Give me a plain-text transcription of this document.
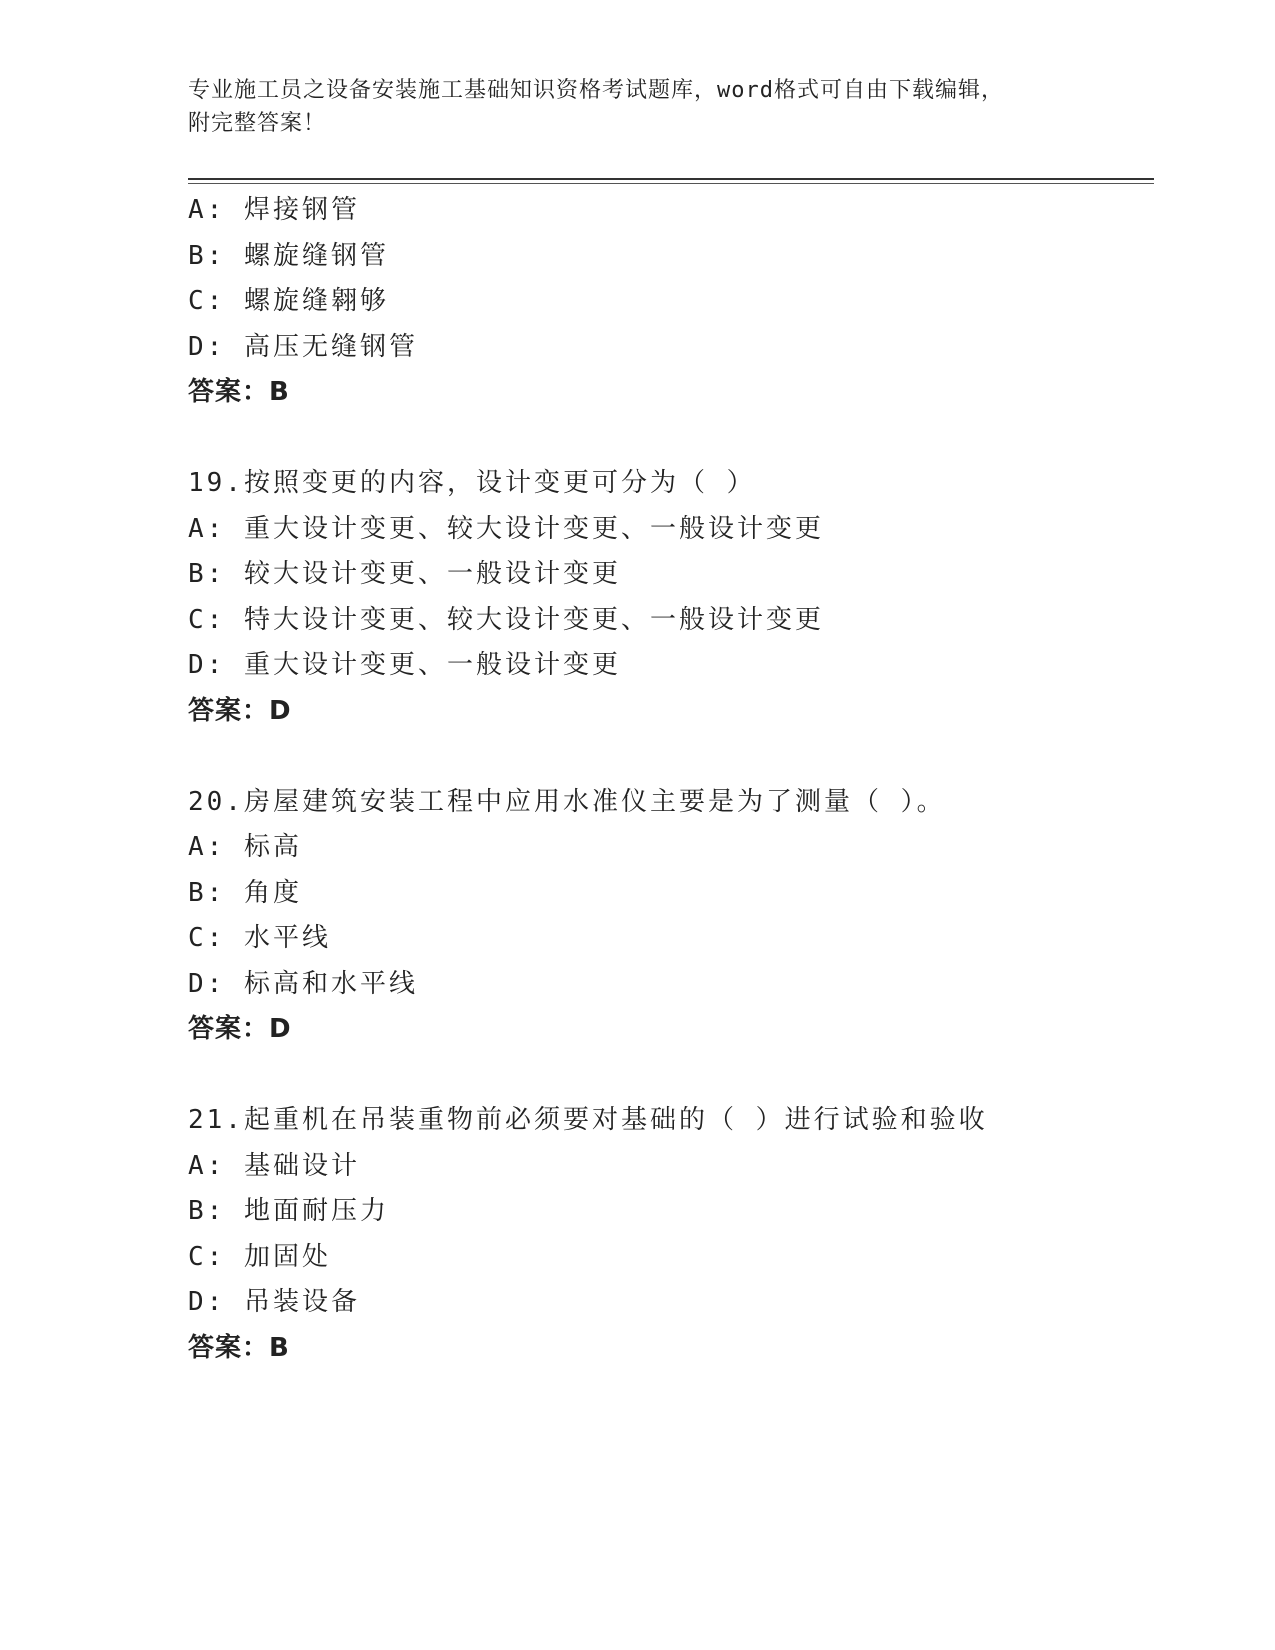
专业施工员之设备安装施工基础知识资格考试题库，word格式可自由下载编辑，
附完整答案！
A: 焊接钢管
B: 螺旋缝钢管
C: 螺旋缝翱够
D: 高压无缝钢管
答案：B
19.按照变更的内容，设计变更可分为（ ）
A: 重大设计变更、较大设计变更、一般设计变更
B: 较大设计变更、一般设计变更
C: 特大设计变更、较大设计变更、一般设计变更
D: 重大设计变更、一般设计变更
答案：D
20.房屋建筑安装工程中应用水准仪主要是为了测量（ ）。
A: 标高
B: 角度
C: 水平线
D: 标高和水平线
答案：D
21.起重机在吊装重物前必须要对基础的（ ）进行试验和验收
A: 基础设计
B: 地面耐压力
C: 加固处
D: 吊装设备
答案：B
